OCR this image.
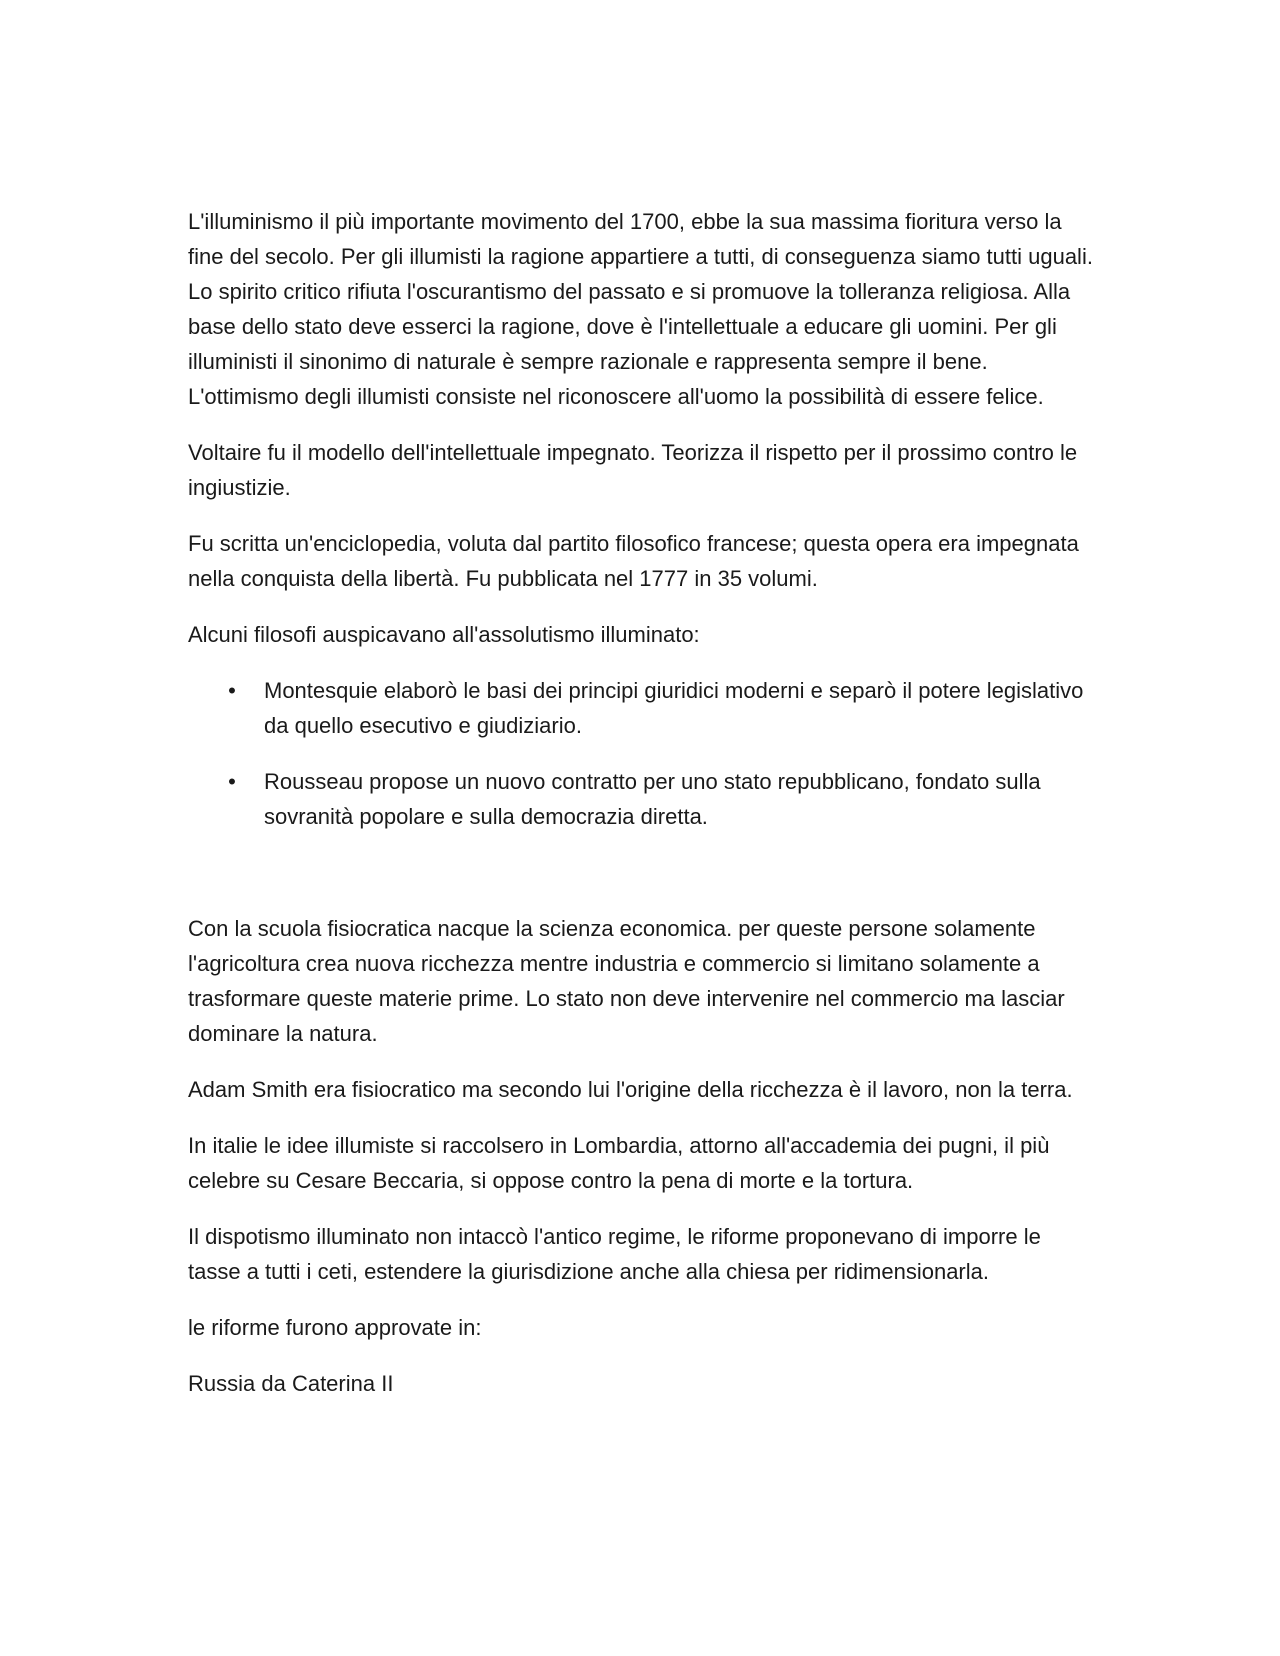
L'illuminismo il più importante movimento del 1700, ebbe la sua massima fioritura verso la fine del secolo. Per gli illumisti la ragione appartiere a tutti, di conseguenza siamo tutti uguali. Lo spirito critico rifiuta l'oscurantismo del passato e si promuove la tolleranza religiosa. Alla base dello stato deve esserci la ragione, dove è l'intellettuale a educare gli uomini. Per gli illuministi il sinonimo di naturale è sempre razionale e rappresenta sempre il bene. L'ottimismo degli illumisti consiste nel riconoscere all'uomo la possibilità di essere felice.

Voltaire fu il modello dell'intellettuale impegnato. Teorizza il rispetto per il prossimo contro le ingiustizie.

Fu scritta un'enciclopedia, voluta dal partito filosofico francese; questa opera era impegnata nella conquista della libertà. Fu pubblicata nel 1777 in 35 volumi.

Alcuni filosofi auspicavano all'assolutismo illuminato:

• Montesquie elaborò le basi dei principi giuridici moderni e separò il potere legislativo da quello esecutivo e giudiziario.
• Rousseau propose un nuovo contratto per uno stato repubblicano, fondato sulla sovranità popolare e sulla democrazia diretta.

Con la scuola fisiocratica nacque la scienza economica. per queste persone solamente l'agricoltura crea nuova ricchezza mentre industria e commercio si limitano solamente a trasformare queste materie prime. Lo stato non deve intervenire nel commercio ma lasciar dominare la natura.

Adam Smith era fisiocratico ma secondo lui l'origine della ricchezza è il lavoro, non la terra.

In italie le idee illumiste si raccolsero in Lombardia, attorno all'accademia dei pugni, il più celebre su Cesare Beccaria, si oppose contro la pena di morte e la tortura.

Il dispotismo illuminato non intaccò l'antico regime, le riforme proponevano di imporre le tasse a tutti i ceti, estendere la giurisdizione anche alla chiesa per ridimensionarla.

le riforme furono approvate in:

Russia da Caterina II
